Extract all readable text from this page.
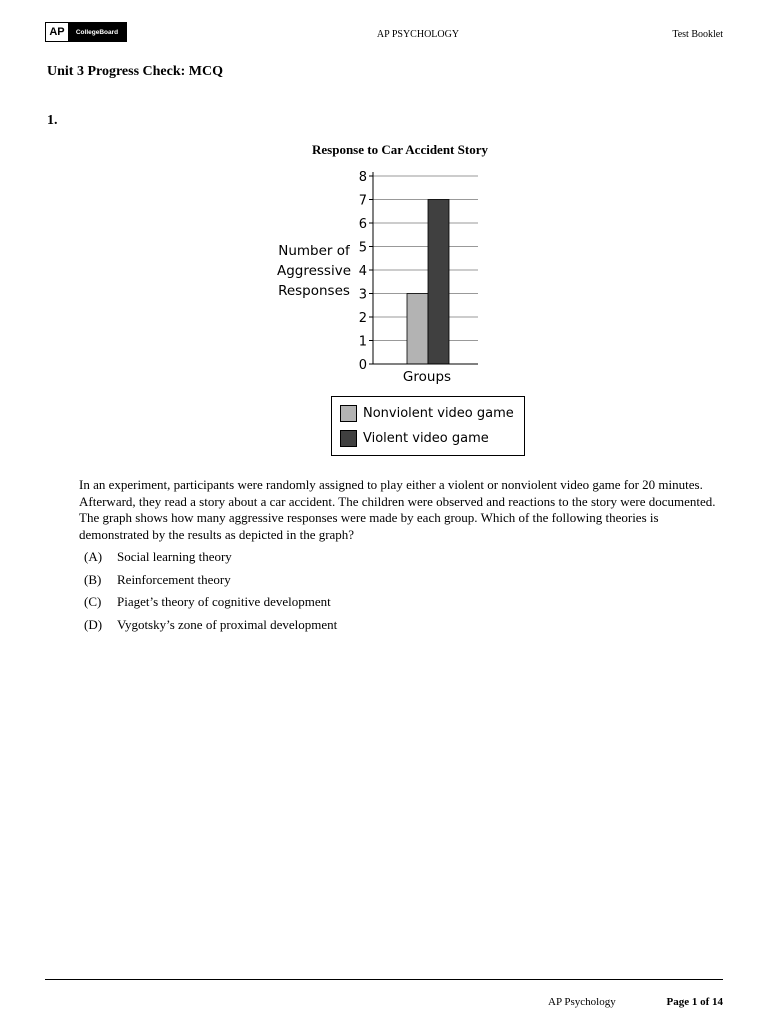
AP	CollegeBoard	AP PSYCHOLOGY	Test Booklet
Unit 3 Progress Check: MCQ
1.
Response to Car Accident Story
0
1
2
3
4
5
6
7
8
Number of Aggressive Responses
Groups
Nonviolent video game
Violent video game
In an experiment, participants were randomly assigned to play either a violent or nonviolent video game for 20 minutes. Afterward, they read a story about a car accident. The children were observed and reactions to the story were documented. The graph shows how many aggressive responses were made by each group. Which of the following theories is demonstrated by the results as depicted in the graph?
(A)	Social learning theory
(B)	Reinforcement theory
(C)	Piaget’s theory of cognitive development
(D)	Vygotsky’s zone of proximal development
AP Psychology	Page 1 of 14
